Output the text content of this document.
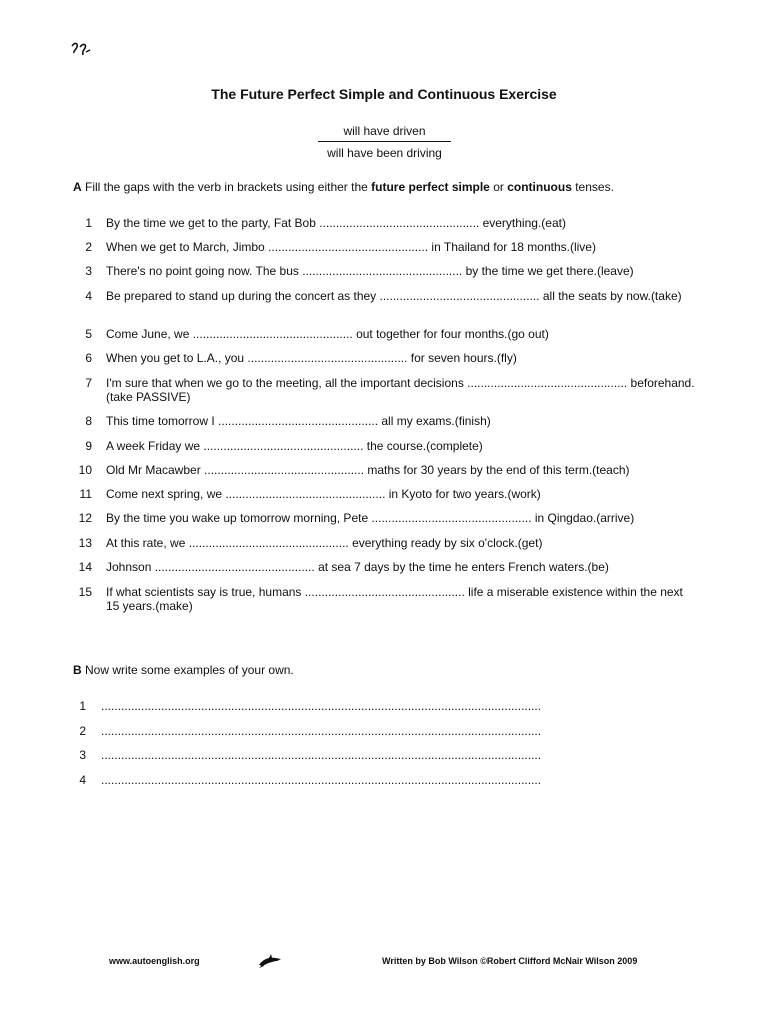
The Future Perfect Simple and Continuous Exercise
will have driven
will have been driving
A Fill the gaps with the verb in brackets using either the future perfect simple or continuous tenses.
1 By the time we get to the party, Fat Bob ................................................ everything.(eat)
2 When we get to March, Jimbo ................................................ in Thailand for 18 months.(live)
3 There's no point going now. The bus ................................................ by the time we get there.(leave)
4 Be prepared to stand up during the concert as they ................................................ all the seats by now.(take)
5 Come June, we ................................................ out together for four months.(go out)
6 When you get to L.A., you ................................................ for seven hours.(fly)
7 I'm sure that when we go to the meeting, all the important decisions ................................................ beforehand.(take PASSIVE)
8 This time tomorrow I ................................................ all my exams.(finish)
9 A week Friday we ................................................ the course.(complete)
10 Old Mr Macawber ................................................ maths for 30 years by the end of this term.(teach)
11 Come next spring, we ................................................ in Kyoto for two years.(work)
12 By the time you wake up tomorrow morning, Pete ................................................ in Qingdao.(arrive)
13 At this rate, we ................................................ everything ready by six o'clock.(get)
14 Johnson ................................................ at sea 7 days by the time he enters French waters.(be)
15 If what scientists say is true, humans ................................................ life a miserable existence within the next 15 years.(make)
B Now write some examples of your own.
1 ....................................................................................................................................
2 ....................................................................................................................................
3 ....................................................................................................................................
4 ....................................................................................................................................
www.autoenglish.org	Written by Bob Wilson ©Robert Clifford McNair Wilson 2009
